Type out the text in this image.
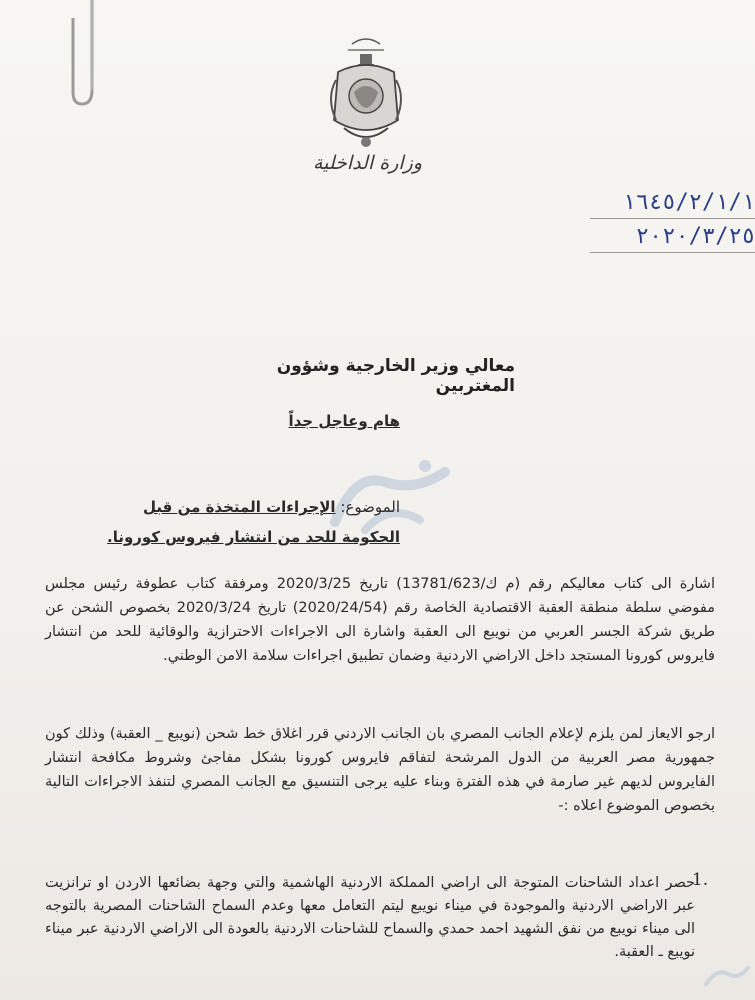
وزارة الداخلية
١٦٤٥/٢/١/١
٢٠٢٠/٣/٢٥
معالي وزير الخارجية وشؤون المغتربين
هام وعاجل جداً
الموضوع: الإجراءات المتخذة من قبل الحكومة للحد من انتشار فيروس كورونا.
اشارة الى كتاب معاليكم رقم (م ك/13781/623) تاريخ 2020/3/25 ومرفقة كتاب عطوفة رئيس مجلس مفوضي سلطة منطقة العقبة الاقتصادية الخاصة رقم (2020/24/54) تاريخ 2020/3/24 بخصوص الشحن عن طريق شركة الجسر العربي من نويبع الى العقبة واشارة الى الاجراءات الاحترازية والوقائية للحد من انتشار فايروس كورونا المستجد داخل الاراضي الاردنية وضمان تطبيق اجراءات سلامة الامن الوطني.
ارجو الايعاز لمن يلزم لإعلام الجانب المصري بان الجانب الاردني قرر اغلاق خط شحن (نويبع _ العقبة) وذلك كون جمهورية مصر العربية من الدول المرشحة لتفاقم فايروس كورونا بشكل مفاجئ وشروط مكافحة انتشار الفايروس لديهم غير صارمة في هذه الفترة وبناء عليه يرجى التنسيق مع الجانب المصري لتنفذ الاجراءات التالية بخصوص الموضوع اعلاه :-
1.
حصر اعداد الشاحنات المتوجة الى اراضي المملكة الاردنية الهاشمية والتي وجهة بضائعها الاردن او ترانزيت عبر الاراضي الاردنية والموجودة في ميناء نويبع ليتم التعامل معها وعدم السماح الشاحنات المصرية بالتوجه الى ميناء نويبع من نفق الشهيد احمد حمدي والسماح للشاحنات الاردنية بالعودة الى الاراضي الاردنية عبر ميناء نويبع ـ العقبة.
